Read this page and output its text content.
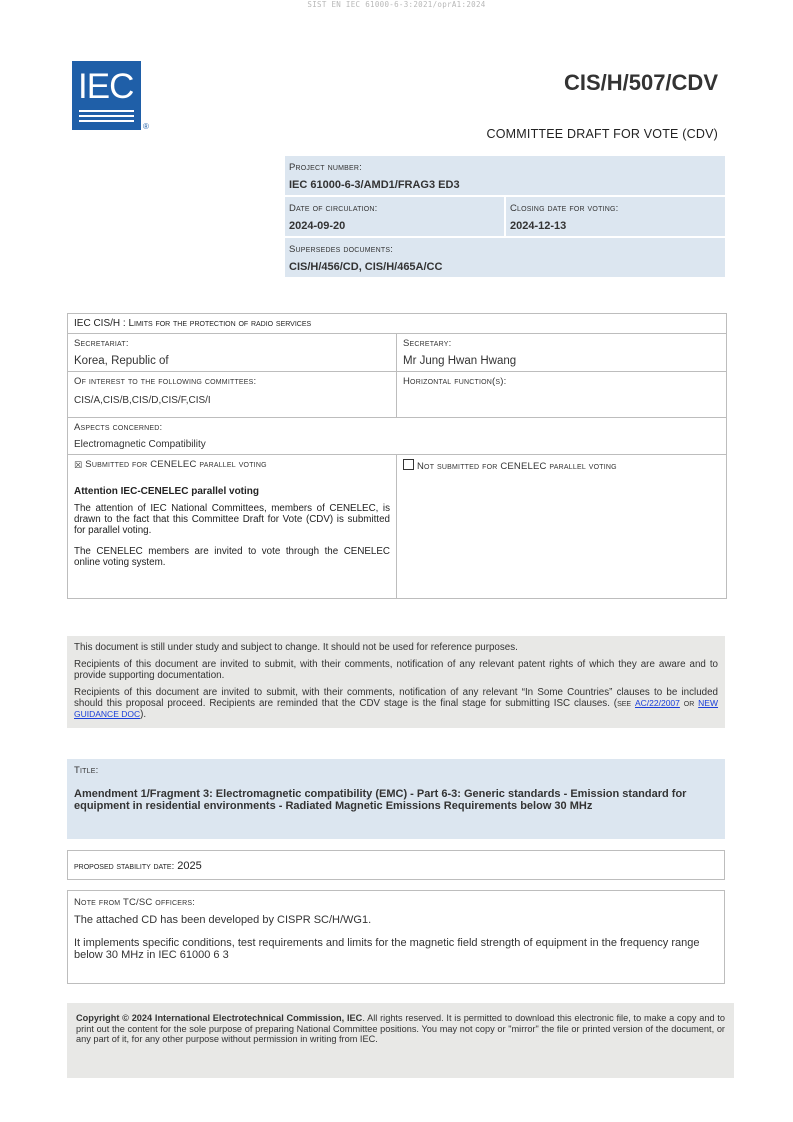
SIST EN IEC 61000-6-3:2021/oprA1:2024
IEC
®
CIS/H/507/CDV
COMMITTEE DRAFT FOR VOTE (CDV)
Project number:
IEC 61000-6-3/AMD1/FRAG3 ED3
Date of circulation:
2024-09-20
Closing date for voting:
2024-12-13
Supersedes documents:
CIS/H/456/CD, CIS/H/465A/CC
IEC CIS/H : Limits for the protection of radio services
Secretariat:
Korea, Republic of
Secretary:
Mr Jung Hwan Hwang
Of interest to the following committees:
CIS/A,CIS/B,CIS/D,CIS/F,CIS/I
Horizontal function(s):
Aspects concerned:
Electromagnetic Compatibility
☒ Submitted for CENELEC parallel voting
Attention IEC-CENELEC parallel voting
The attention of IEC National Committees, members of CENELEC, is drawn to the fact that this Committee Draft for Vote (CDV) is submitted for parallel voting.
The CENELEC members are invited to vote through the CENELEC online voting system.
Not submitted for CENELEC parallel voting

This document is still under study and subject to change. It should not be used for reference purposes.

Recipients of this document are invited to submit, with their comments, notification of any relevant patent rights of which they are aware and to provide supporting documentation.

Recipients of this document are invited to submit, with their comments, notification of any relevant “In Some Countries” clauses to be included should this proposal proceed. Recipients are reminded that the CDV stage is the final stage for submitting ISC clauses. (see AC/22/2007 or NEW GUIDANCE DOC).

Title:
Amendment 1/Fragment 3: Electromagnetic compatibility (EMC) - Part 6-3: Generic standards - Emission standard for equipment in residential environments - Radiated Magnetic Emissions Requirements below 30 MHz
proposed stability date: 2025
Note from TC/SC officers:

The attached CD has been developed by CISPR SC/H/WG1.

It implements specific conditions, test requirements and limits for the magnetic field strength of equipment in the frequency range below 30 MHz in IEC 61000 6 3

Copyright © 2024 International Electrotechnical Commission, IEC. All rights reserved. It is permitted to download this electronic file, to make a copy and to print out the content for the sole purpose of preparing National Committee positions. You may not copy or "mirror" the file or printed version of the document, or any part of it, for any other purpose without permission in writing from IEC.
